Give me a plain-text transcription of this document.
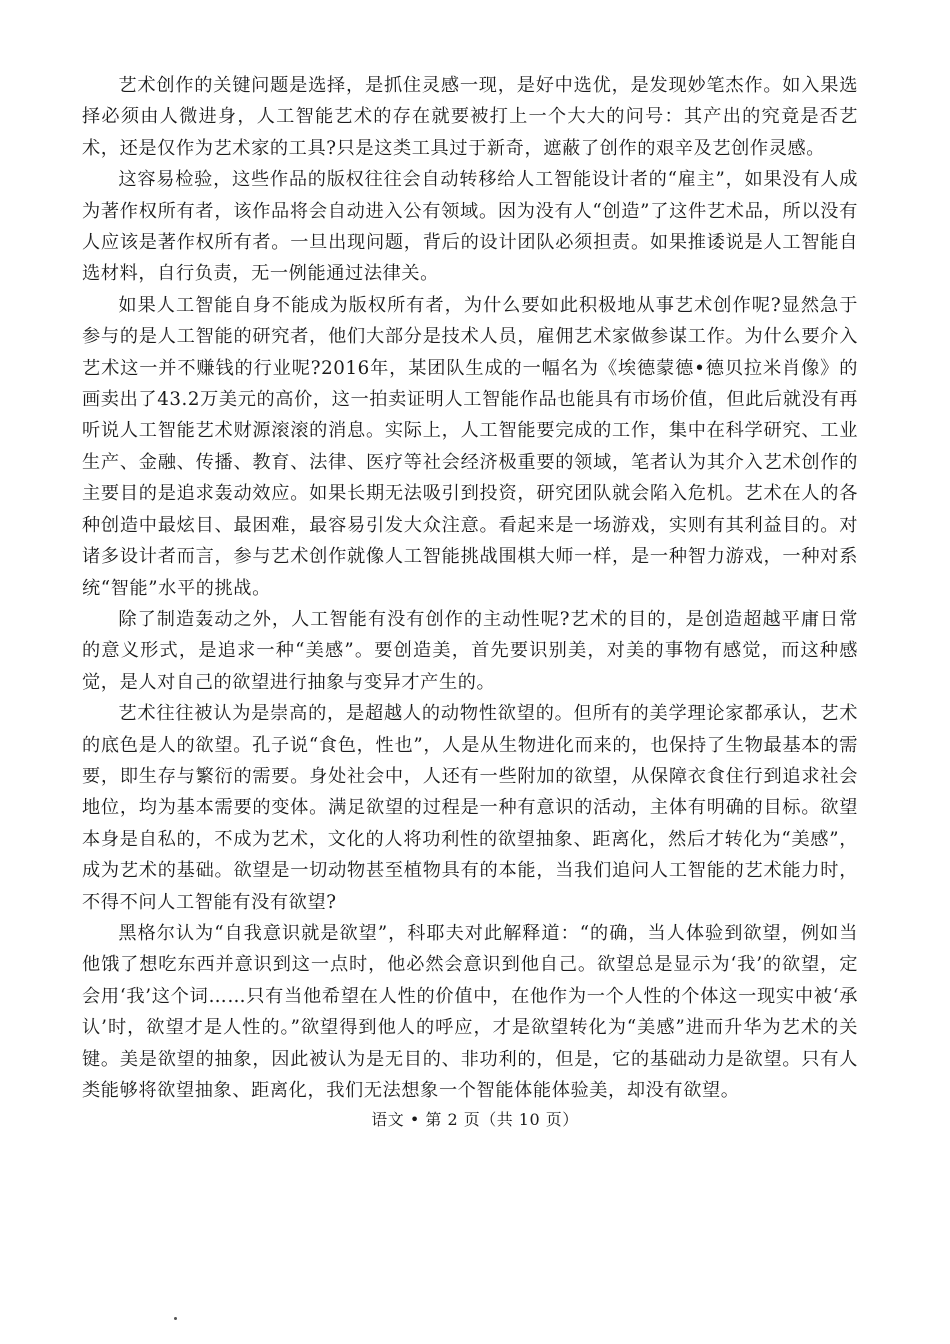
艺术创作的关键问题是选择，是抓住灵感一现，是好中选优，是发现妙笔杰作。如入果选择必须由人微进身，人工智能艺术的存在就要被打上一个大大的问号：其产出的究竟是否艺术，还是仅作为艺术家的工具?只是这类工具过于新奇，遮蔽了创作的艰辛及艺创作灵感。

这容易检验，这些作品的版权往往会自动转移给人工智能设计者的“雇主”，如果没有人成为著作权所有者，该作品将会自动进入公有领域。因为没有人“创造”了这件艺术品，所以没有人应该是著作权所有者。一旦出现问题，背后的设计团队必须担责。如果推诿说是人工智能自选材料，自行负责，无一例能通过法律关。

如果人工智能自身不能成为版权所有者，为什么要如此积极地从事艺术创作呢?显然急于参与的是人工智能的研究者，他们大部分是技术人员，雇佣艺术家做参谋工作。为什么要介入艺术这一并不赚钱的行业呢?2016年，某团队生成的一幅名为《埃德蒙德•德贝拉米肖像》的画卖出了43.2万美元的高价，这一拍卖证明人工智能作品也能具有市场价值，但此后就没有再听说人工智能艺术财源滚滚的消息。实际上，人工智能要完成的工作，集中在科学研究、工业生产、金融、传播、教育、法律、医疗等社会经济极重要的领域，笔者认为其介入艺术创作的主要目的是追求轰动效应。如果长期无法吸引到投资，研究团队就会陷入危机。艺术在人的各种创造中最炫目、最困难，最容易引发大众注意。看起来是一场游戏，实则有其利益目的。对诸多设计者而言，参与艺术创作就像人工智能挑战围棋大师一样，是一种智力游戏，一种对系统“智能”水平的挑战。

除了制造轰动之外，人工智能有没有创作的主动性呢?艺术的目的，是创造超越平庸日常的意义形式，是追求一种“美感”。要创造美，首先要识别美，对美的事物有感觉，而这种感觉，是人对自己的欲望进行抽象与变异才产生的。

艺术往往被认为是崇高的，是超越人的动物性欲望的。但所有的美学理论家都承认，艺术的底色是人的欲望。孔子说“食色，性也”，人是从生物进化而来的，也保持了生物最基本的需要，即生存与繁衍的需要。身处社会中，人还有一些附加的欲望，从保障衣食住行到追求社会地位，均为基本需要的变体。满足欲望的过程是一种有意识的活动，主体有明确的目标。欲望本身是自私的，不成为艺术，文化的人将功利性的欲望抽象、距离化，然后才转化为“美感”，成为艺术的基础。欲望是一切动物甚至植物具有的本能，当我们追问人工智能的艺术能力时，不得不问人工智能有没有欲望?

黑格尔认为“自我意识就是欲望”，科耶夫对此解释道：“的确，当人体验到欲望，例如当他饿了想吃东西并意识到这一点时，他必然会意识到他自己。欲望总是显示为‘我’的欲望，定会用‘我’这个词……只有当他希望在人性的价值中，在他作为一个人性的个体这一现实中被‘承认’时，欲望才是人性的。”欲望得到他人的呼应，才是欲望转化为“美感”进而升华为艺术的关键。美是欲望的抽象，因此被认为是无目的、非功利的，但是，它的基础动力是欲望。只有人类能够将欲望抽象、距离化，我们无法想象一个智能体能体验美，却没有欲望。

语文 • 第 2 页（共 10 页）
